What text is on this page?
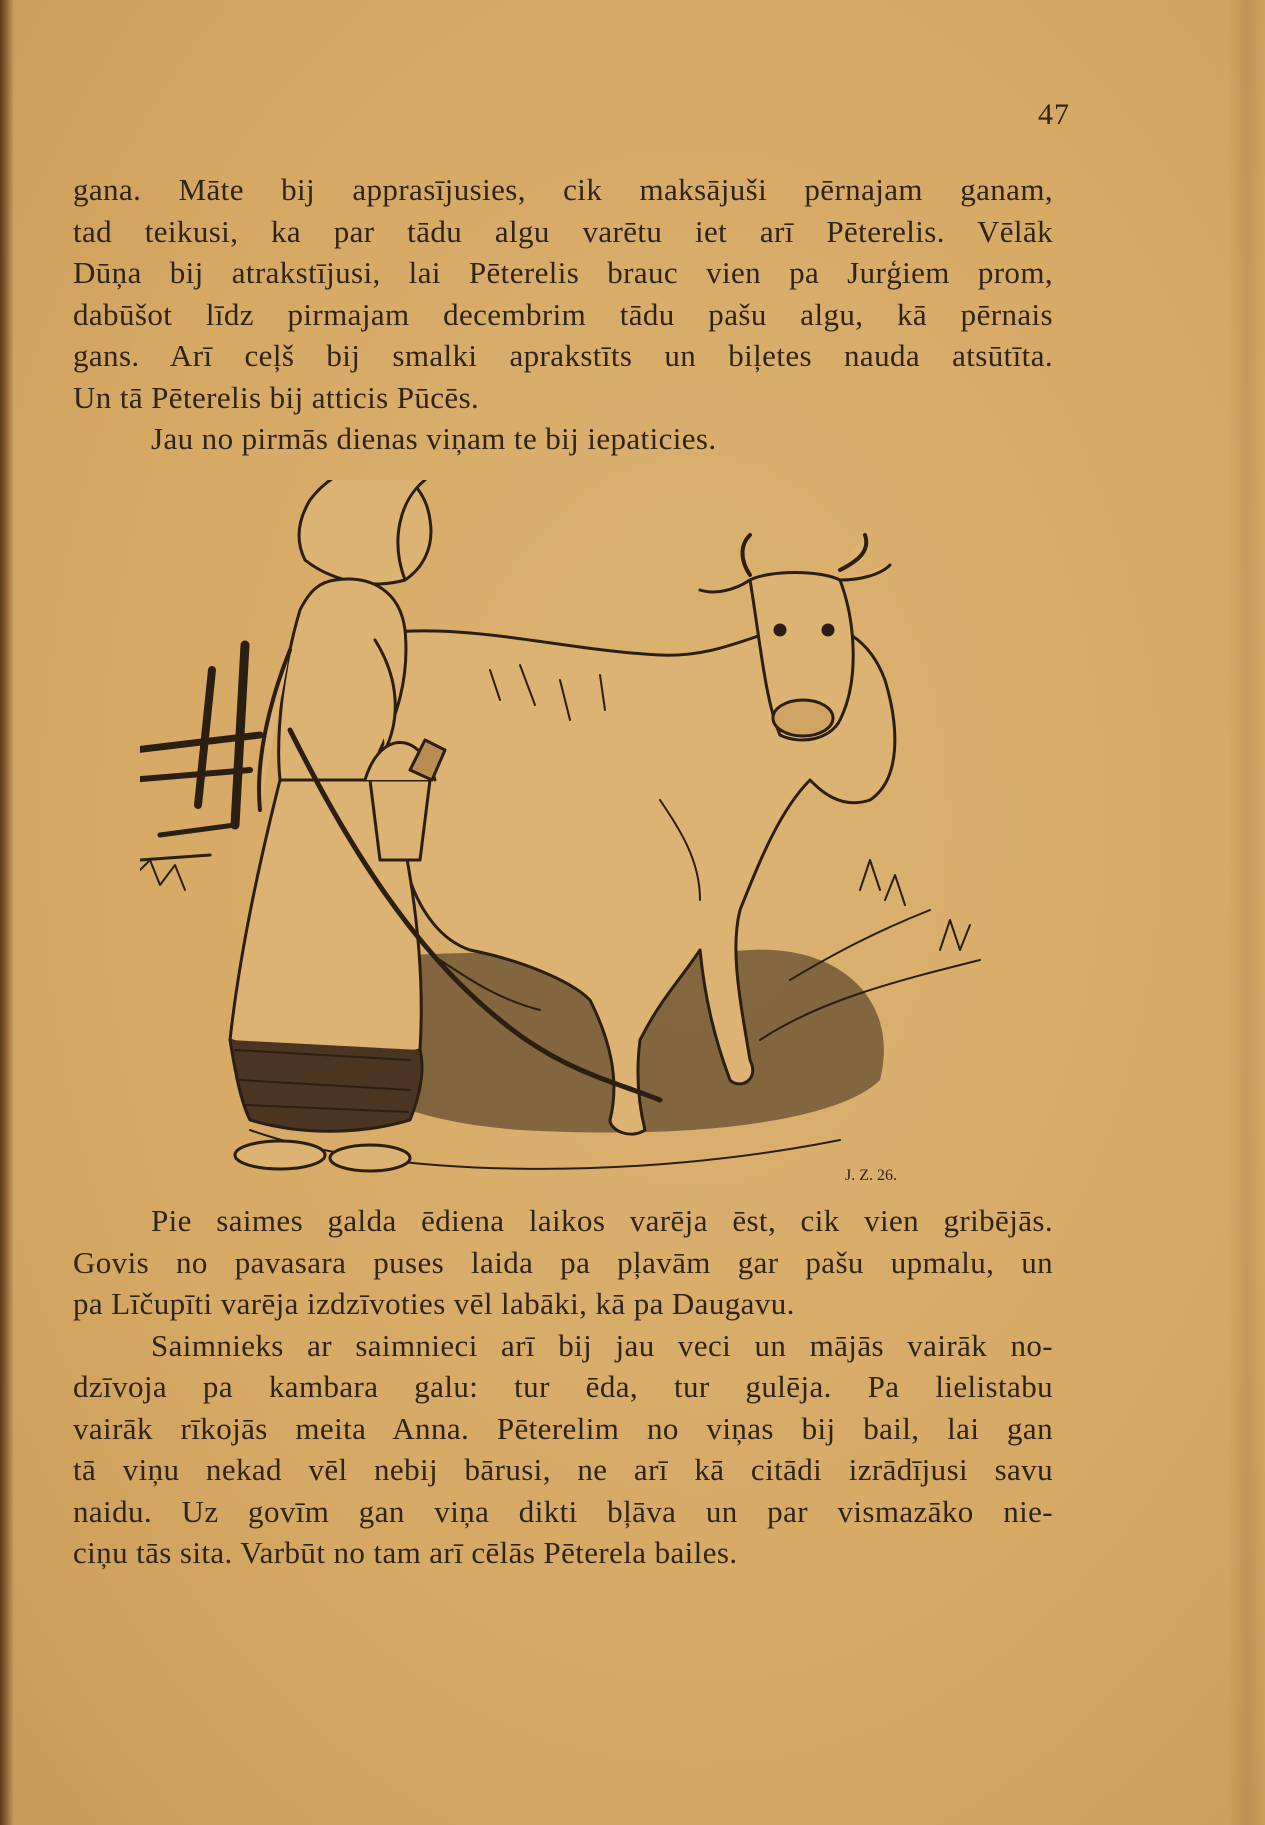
47

gana. Māte bij apprasījusies, cik maksājuši pērnajam ganam,
tad teikusi, ka par tādu algu varētu iet arī Pēterelis. Vēlāk
Dūņa bij atrakstījusi, lai Pēterelis brauc vien pa Jurģiem prom,
dabūšot līdz pirmajam decembrim tādu pašu algu, kā pērnais
gans. Arī ceļš bij smalki aprakstīts un biļetes nauda atsūtīta.
Un tā Pēterelis bij atticis Pūcēs.

Jau no pirmās dienas viņam te bij iepaticies.

J. Z. 26.

Pie saimes galda ēdiena laikos varēja ēst, cik vien gribējās.
Govis no pavasara puses laida pa pļavām gar pašu upmalu, un
pa Līčupīti varēja izdzīvoties vēl labāki, kā pa Daugavu.

Saimnieks ar saimnieci arī bij jau veci un mājās vairāk no-
dzīvoja pa kambara galu: tur ēda, tur gulēja. Pa lielistabu
vairāk rīkojās meita Anna. Pēterelim no viņas bij bail, lai gan
tā viņu nekad vēl nebij bārusi, ne arī kā citādi izrādījusi savu
naidu. Uz govīm gan viņa dikti bļāva un par vismazāko nie-
ciņu tās sita. Varbūt no tam arī cēlās Pēterela bailes.
